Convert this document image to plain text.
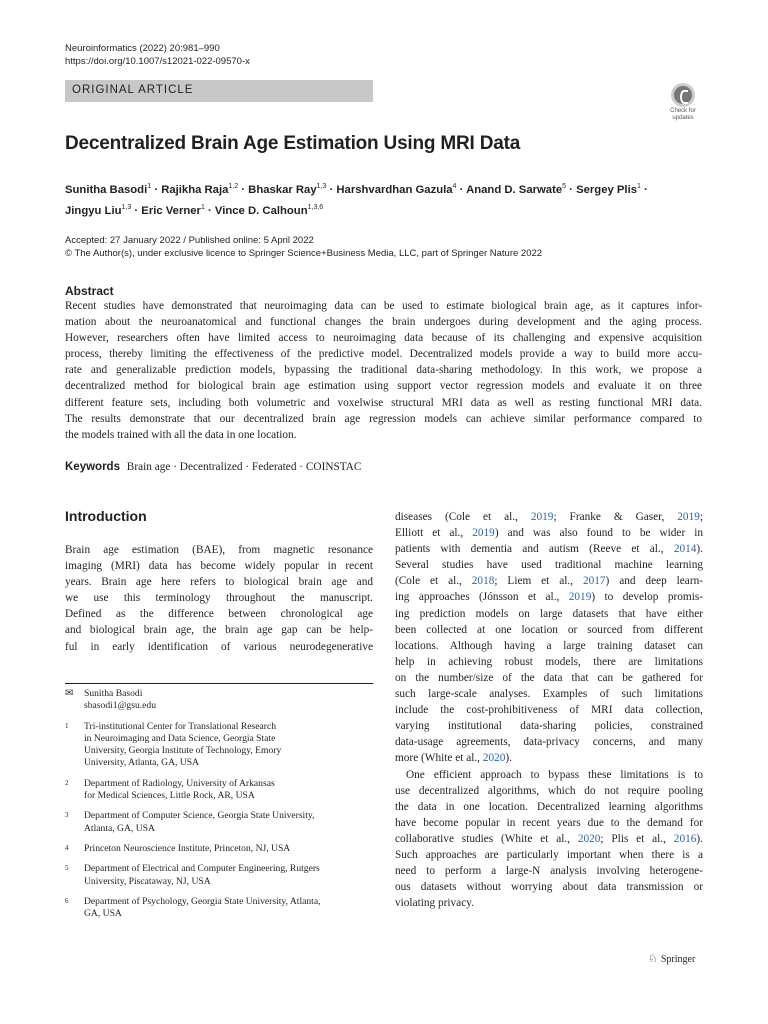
Neuroinformatics (2022) 20:981–990
https://doi.org/10.1007/s12021-022-09570-x
ORIGINAL ARTICLE
Check for
updates
Decentralized Brain Age Estimation Using MRI Data
Sunitha Basodi$^1$ · Rajikha Raja$^{1,2}$ · Bhaskar Ray$^{1,3}$ · Harshvardhan Gazula$^4$ · Anand D. Sarwate$^5$ · Sergey Plis$^1$ ·
Jingyu Liu$^{1,3}$ · Eric Verner$^1$ · Vince D. Calhoun$^{1,3,6}$
Accepted: 27 January 2022 / Published online: 5 April 2022
© The Author(s), under exclusive licence to Springer Science+Business Media, LLC, part of Springer Nature 2022
Abstract
Recent studies have demonstrated that neuroimaging data can be used to estimate biological brain age, as it captures infor-
mation about the neuroanatomical and functional changes the brain undergoes during development and the aging process.
However, researchers often have limited access to neuroimaging data because of its challenging and expensive acquisition
process, thereby limiting the effectiveness of the predictive model. Decentralized models provide a way to build more accu-
rate and generalizable prediction models, bypassing the traditional data-sharing methodology. In this work, we propose a
decentralized method for biological brain age estimation using support vector regression models and evaluate it on three
different feature sets, including both volumetric and voxelwise structural MRI data as well as resting functional MRI data.
The results demonstrate that our decentralized brain age regression models can achieve similar performance compared to
the models trained with all the data in one location.
Keywords Brain age · Decentralized · Federated · COINSTAC
Introduction
Brain age estimation (BAE), from magnetic resonance
imaging (MRI) data has become widely popular in recent
years. Brain age here refers to biological brain age and
we use this terminology throughout the manuscript.
Defined as the difference between chronological age
and biological brain age, the brain age gap can be help-
ful in early identification of various neurodegenerative
diseases (Cole et al., 2019; Franke & Gaser, 2019;
Elliott et al., 2019) and was also found to be wider in
patients with dementia and autism (Reeve et al., 2014).
Several studies have used traditional machine learning
(Cole et al., 2018; Liem et al., 2017) and deep learn-
ing approaches (Jónsson et al., 2019) to develop promis-
ing prediction models on large datasets that have either
been collected at one location or sourced from different
locations. Although having a large training dataset can
help in achieving robust models, there are limitations
on the number/size of the data that can be gathered for
such large-scale analyses. Examples of such limitations
include the cost-prohibitiveness of MRI data collection,
varying institutional data-sharing policies, constrained
data-usage agreements, data-privacy concerns, and many
more (White et al., 2020).
One efficient approach to bypass these limitations is to
use decentralized algorithms, which do not require pooling
the data in one location. Decentralized learning algorithms
have become popular in recent years due to the demand for
collaborative studies (White et al., 2020; Plis et al., 2016).
Such approaches are particularly important when there is a
need to perform a large-N analysis involving heterogene-
ous datasets without worrying about data transmission or
violating privacy.
✉ Sunitha Basodi
sbasodi1@gsu.edu
1 Tri-institutional Center for Translational Research
in Neuroimaging and Data Science, Georgia State
University, Georgia Institute of Technology, Emory
University, Atlanta, GA, USA
2 Department of Radiology, University of Arkansas
for Medical Sciences, Little Rock, AR, USA
3 Department of Computer Science, Georgia State University,
Atlanta, GA, USA
4 Princeton Neuroscience Institute, Princeton, NJ, USA
5 Department of Electrical and Computer Engineering, Rutgers
University, Piscataway, NJ, USA
6 Department of Psychology, Georgia State University, Atlanta,
GA, USA
♘ Springer
